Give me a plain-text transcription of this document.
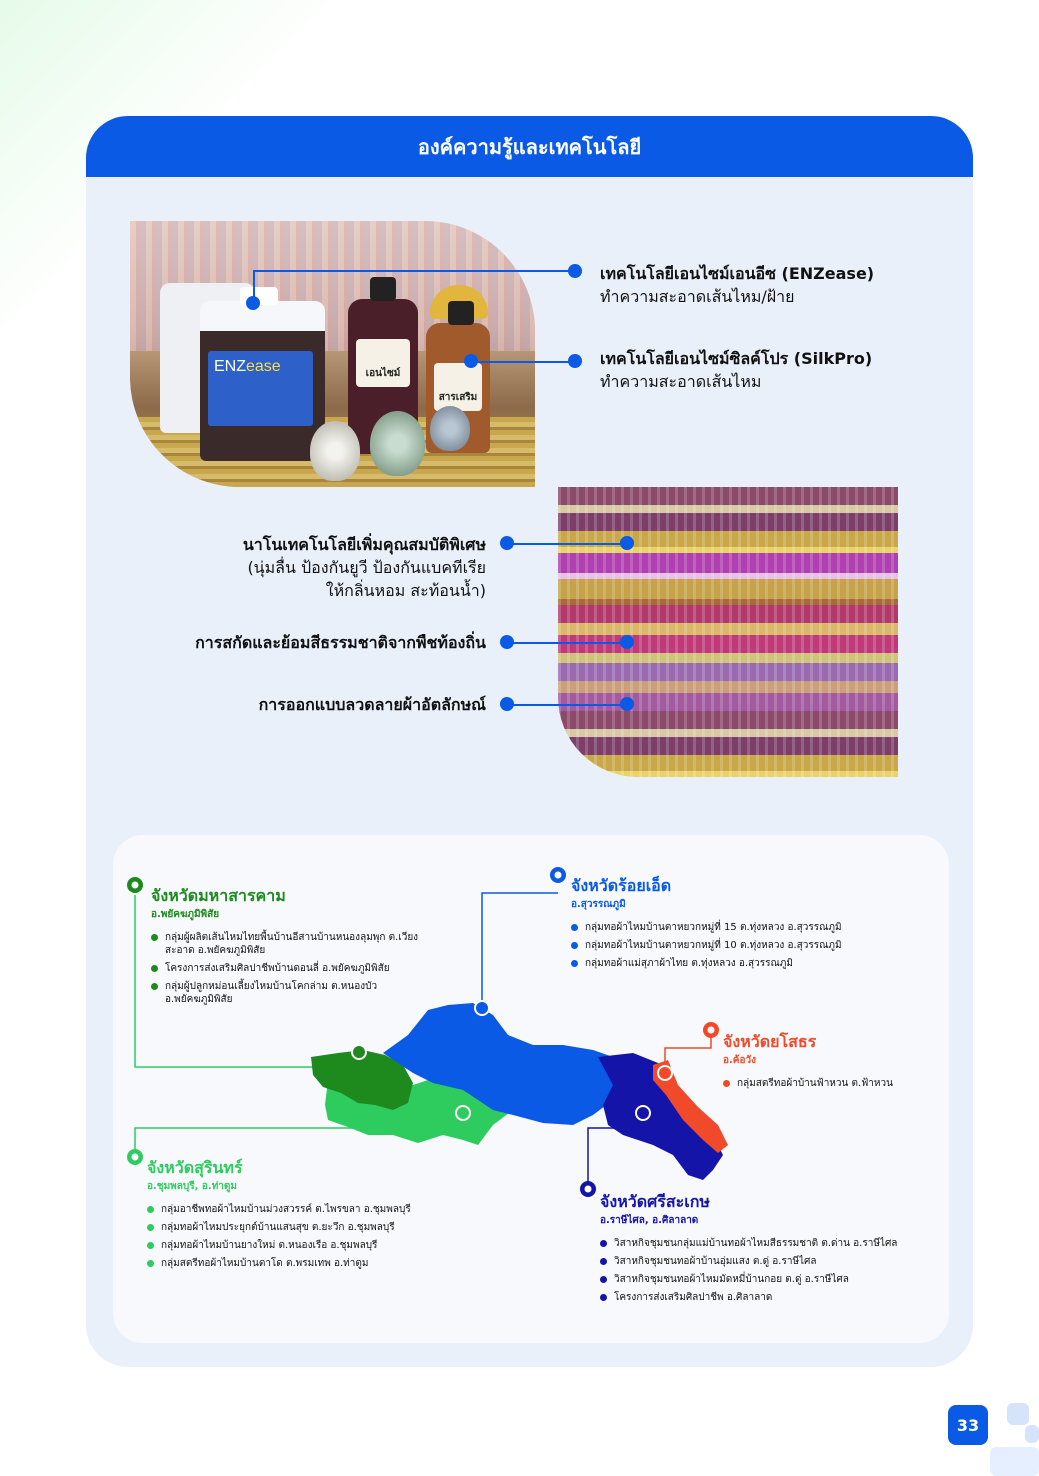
องค์ความรู้และเทคโนโลยี
ENZease	เอนไซม์
สารเสริม
เทคโนโลยีเอนไซม์เอนอีซ (ENZease)
ทำความสะอาดเส้นไหม/ฝ้าย
เทคโนโลยีเอนไซม์ซิลค์โปร (SilkPro)
ทำความสะอาดเส้นไหม
นาโนเทคโนโลยีเพิ่มคุณสมบัติพิเศษ
(นุ่มลื่น ป้องกันยูวี ป้องกันแบคทีเรีย
ให้กลิ่นหอม สะท้อนน้ำ)
การสกัดและย้อมสีธรรมชาติจากพืชท้องถิ่น
การออกแบบลวดลายผ้าอัตลักษณ์
จังหวัดมหาสารคาม
อ.พยัคฆภูมิพิสัย
กลุ่มผู้ผลิตเส้นไหมไทยพื้นบ้านอีสานบ้านหนองลุมพุก ต.เวียงสะอาด อ.พยัคฆภูมิพิสัย
โครงการส่งเสริมศิลปาชีพบ้านดอนลี่ อ.พยัคฆภูมิพิสัย
กลุ่มผู้ปลูกหม่อนเลี้ยงไหมบ้านโคกล่าม ต.หนองบัว อ.พยัคฆภูมิพิสัย
จังหวัดร้อยเอ็ด
อ.สุวรรณภูมิ
กลุ่มทอผ้าไหมบ้านตาหยวกหมู่ที่ 15 ต.ทุ่งหลวง อ.สุวรรณภูมิ
กลุ่มทอผ้าไหมบ้านตาหยวกหมู่ที่ 10 ต.ทุ่งหลวง อ.สุวรรณภูมิ
กลุ่มทอผ้าแม่สุภาผ้าไทย ต.ทุ่งหลวง อ.สุวรรณภูมิ
จังหวัดยโสธร
อ.ค้อวัง
กลุ่มสตรีทอผ้าบ้านฟ้าหวน ต.ฟ้าหวน
จังหวัดสุรินทร์
อ.ชุมพลบุรี, อ.ท่าตูม
กลุ่มอาชีพทอผ้าไหมบ้านม่วงสวรรค์ ต.ไพรขลา อ.ชุมพลบุรี
กลุ่มทอผ้าไหมประยุกต์บ้านแสนสุข ต.ยะวึก อ.ชุมพลบุรี
กลุ่มทอผ้าไหมบ้านยางใหม่ ต.หนองเรือ อ.ชุมพลบุรี
กลุ่มสตรีทอผ้าไหมบ้านตาโด ต.พรมเทพ อ.ท่าตูม
จังหวัดศรีสะเกษ
อ.ราษีไศล, อ.ศิลาลาด
วิสาหกิจชุมชนกลุ่มแม่บ้านทอผ้าไหมสีธรรมชาติ ต.ด่าน อ.ราษีไศล
วิสาหกิจชุมชนทอผ้าบ้านอุ่มแสง ต.ดู่ อ.ราษีไศล
วิสาหกิจชุมชนทอผ้าไหมมัดหมี่บ้านกอย ต.ดู่ อ.ราษีไศล
โครงการส่งเสริมศิลปาชีพ อ.ศิลาลาด
33
